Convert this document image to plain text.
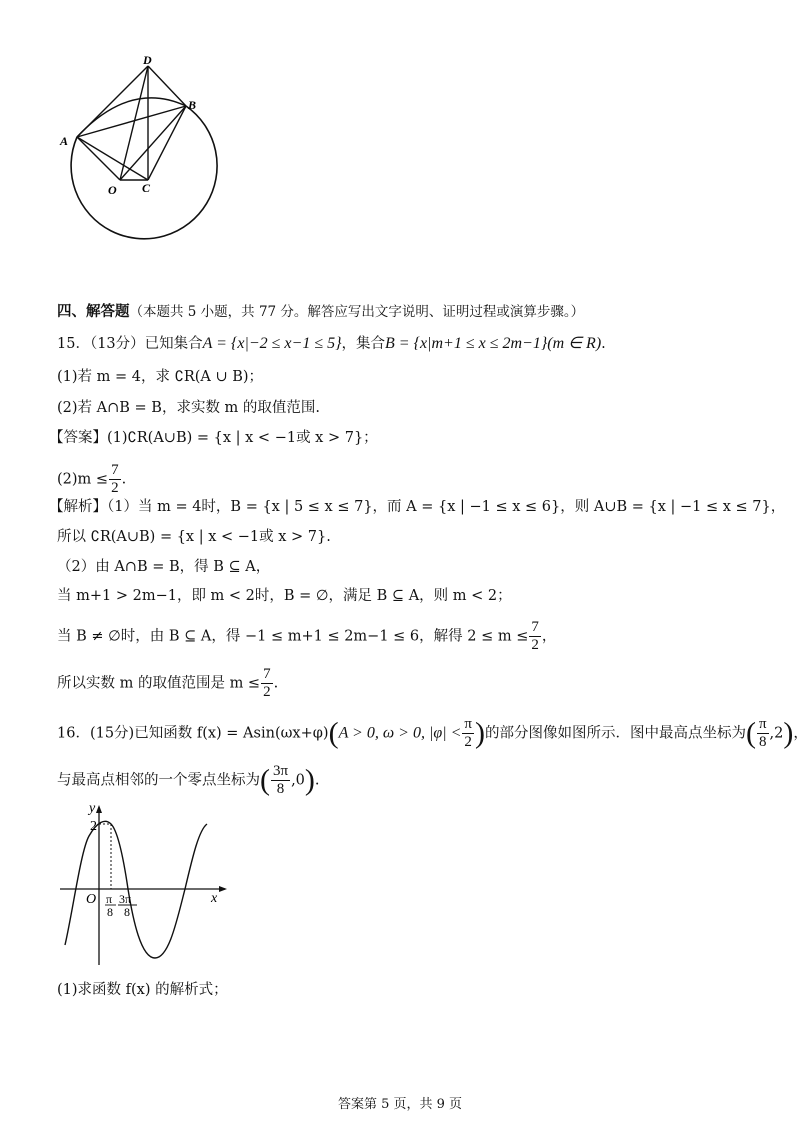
D
B
A
O C
四、解答题（本题共 5 小题，共 77 分。解答应写出文字说明、证明过程或演算步骤。）
15．（13分）已知集合A = {x|−2 ≤ x−1 ≤ 5}，集合B = {x|m+1 ≤ x ≤ 2m−1}(m ∈ R).
(1)若 m = 4，求 ∁R(A ∪ B)；
(2)若 A∩B = B，求实数 m 的取值范围.
【答案】(1)∁R(A∪B) = {x | x < −1或 x > 7}；
$(2)m \le \frac{7}{2}$ .
【解析】（1）当 m = 4时，B = {x | 5 ≤ x ≤ 7}，而 A = {x | −1 ≤ x ≤ 6}，则 A∪B = {x | −1 ≤ x ≤ 7}，
所以 ∁R(A∪B) = {x | x < −1或 x > 7}.
（2）由 A∩B = B，得 B ⊆ A，
当 m+1 > 2m−1，即 m < 2时，B = ∅，满足 B ⊆ A，则 m < 2；
当 B ≠ ∅时，由 B ⊆ A，得 −1 ≤ m+1 ≤ 2m−1 ≤ 6，解得 $2 \le m \le \frac{7}{2}$ ，
所以实数 m 的取值范围是 $m \le \frac{7}{2}$ .
16．(15分)已知函数 f(x) = Asin(ωx+φ)(A > 0, ω > 0, $|\varphi| < \frac{\pi}{2}$ )的部分图像如图所示．图中最高点坐标为( $\frac{\pi}{8} ,2$)，
与最高点相邻的一个零点坐标为( $\frac{3\pi}{8} ,0$).
y
x
O
2
π
8
3π
8
(1)求函数 f(x) 的解析式；
答案第 5 页，共 9 页
